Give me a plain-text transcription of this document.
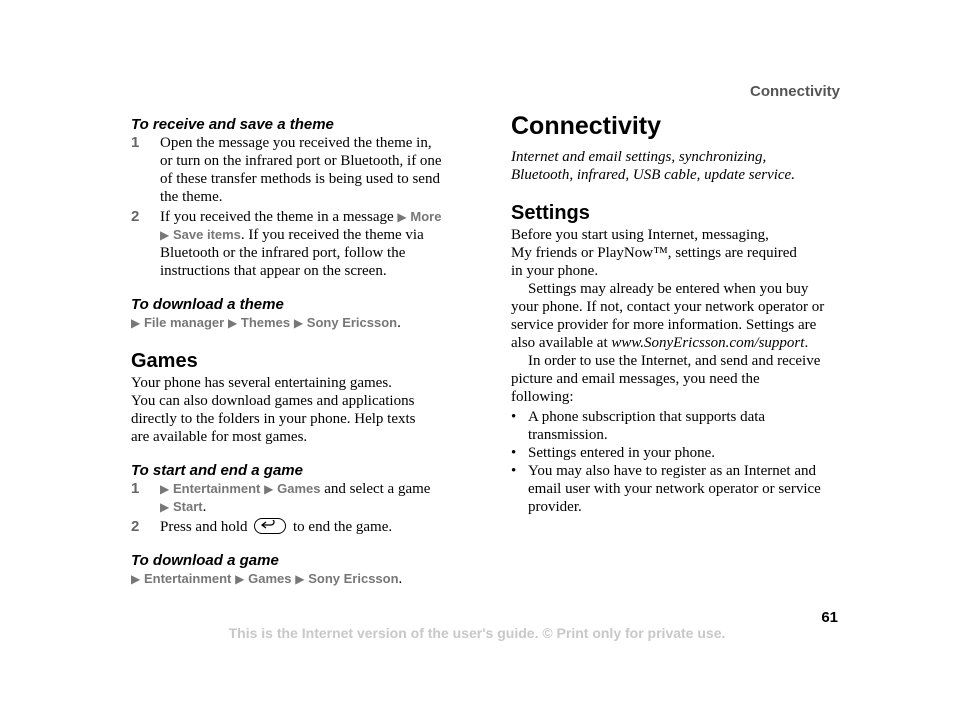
Connectivity
To receive and save a theme
1 Open the message you received the theme in,
or turn on the infrared port or Bluetooth, if one
of these transfer methods is being used to send
the theme.
2 If you received the theme in a message ▶ More
▶ Save items. If you received the theme via
Bluetooth or the infrared port, follow the
instructions that appear on the screen.
To download a theme
▶ File manager ▶ Themes ▶ Sony Ericsson.
Games
Your phone has several entertaining games.
You can also download games and applications
directly to the folders in your phone. Help texts
are available for most games.
To start and end a game
1 ▶ Entertainment ▶ Games and select a game
▶ Start.
2 Press and hold	to end the game.
To download a game
▶ Entertainment ▶ Games ▶ Sony Ericsson.
Connectivity
Internet and email settings, synchronizing,
Bluetooth, infrared, USB cable, update service.
Settings
Before you start using Internet, messaging,
My friends or PlayNow™, settings are required
in your phone.
Settings may already be entered when you buy
your phone. If not, contact your network operator or
service provider for more information. Settings are
also available at www.SonyEricsson.com/support.
In order to use the Internet, and send and receive
picture and email messages, you need the
following:
• A phone subscription that supports data
transmission.
• Settings entered in your phone.
• You may also have to register as an Internet and
email user with your network operator or service
provider.
61
This is the Internet version of the user's guide. © Print only for private use.
